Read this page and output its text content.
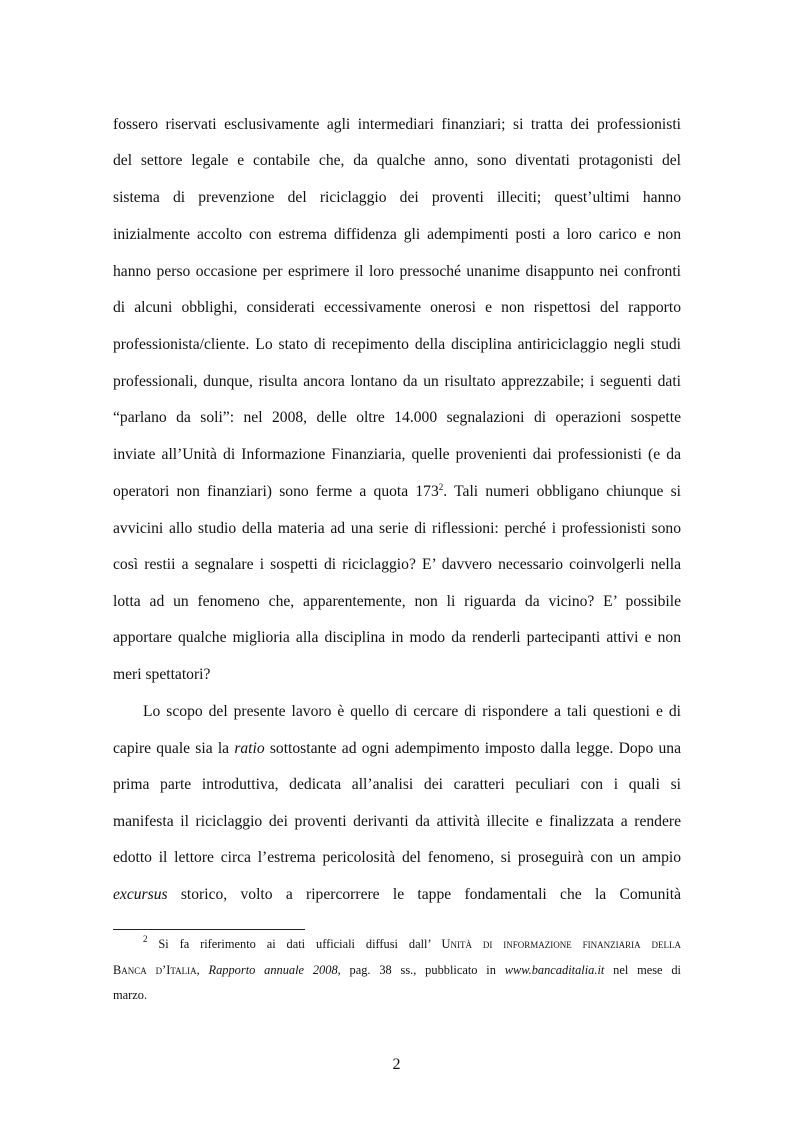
fossero riservati esclusivamente agli intermediari finanziari; si tratta dei professionisti
del settore legale e contabile che, da qualche anno, sono diventati protagonisti del
sistema di prevenzione del riciclaggio dei proventi illeciti; quest’ultimi hanno
inizialmente accolto con estrema diffidenza gli adempimenti posti a loro carico e non
hanno perso occasione per esprimere il loro pressoché unanime disappunto nei confronti
di alcuni obblighi, considerati eccessivamente onerosi e non rispettosi del rapporto
professionista/cliente. Lo stato di recepimento della disciplina antiriciclaggio negli studi
professionali, dunque, risulta ancora lontano da un risultato apprezzabile; i seguenti dati
“parlano da soli”: nel 2008, delle oltre 14.000 segnalazioni di operazioni sospette
inviate all’Unità di Informazione Finanziaria, quelle provenienti dai professionisti (e da
operatori non finanziari) sono ferme a quota $173^2$. Tali numeri obbligano chiunque si
avvicini allo studio della materia ad una serie di riflessioni: perché i professionisti sono
così restii a segnalare i sospetti di riciclaggio? E’ davvero necessario coinvolgerli nella
lotta ad un fenomeno che, apparentemente, non li riguarda da vicino? E’ possibile
apportare qualche miglioria alla disciplina in modo da renderli partecipanti attivi e non
meri spettatori?
Lo scopo del presente lavoro è quello di cercare di rispondere a tali questioni e di
capire quale sia la ratio sottostante ad ogni adempimento imposto dalla legge. Dopo una
prima parte introduttiva, dedicata all’analisi dei caratteri peculiari con i quali si
manifesta il riciclaggio dei proventi derivanti da attività illecite e finalizzata a rendere
edotto il lettore circa l’estrema pericolosità del fenomeno, si proseguirà con un ampio
excursus storico, volto a ripercorrere le tappe fondamentali che la Comunità
$^2$ Si fa riferimento ai dati ufficiali diffusi dall’ Unità di informazione finanziaria della
Banca d’Italia, Rapporto annuale 2008, pag. 38 ss., pubblicato in www.bancaditalia.it nel mese di
marzo.
2
